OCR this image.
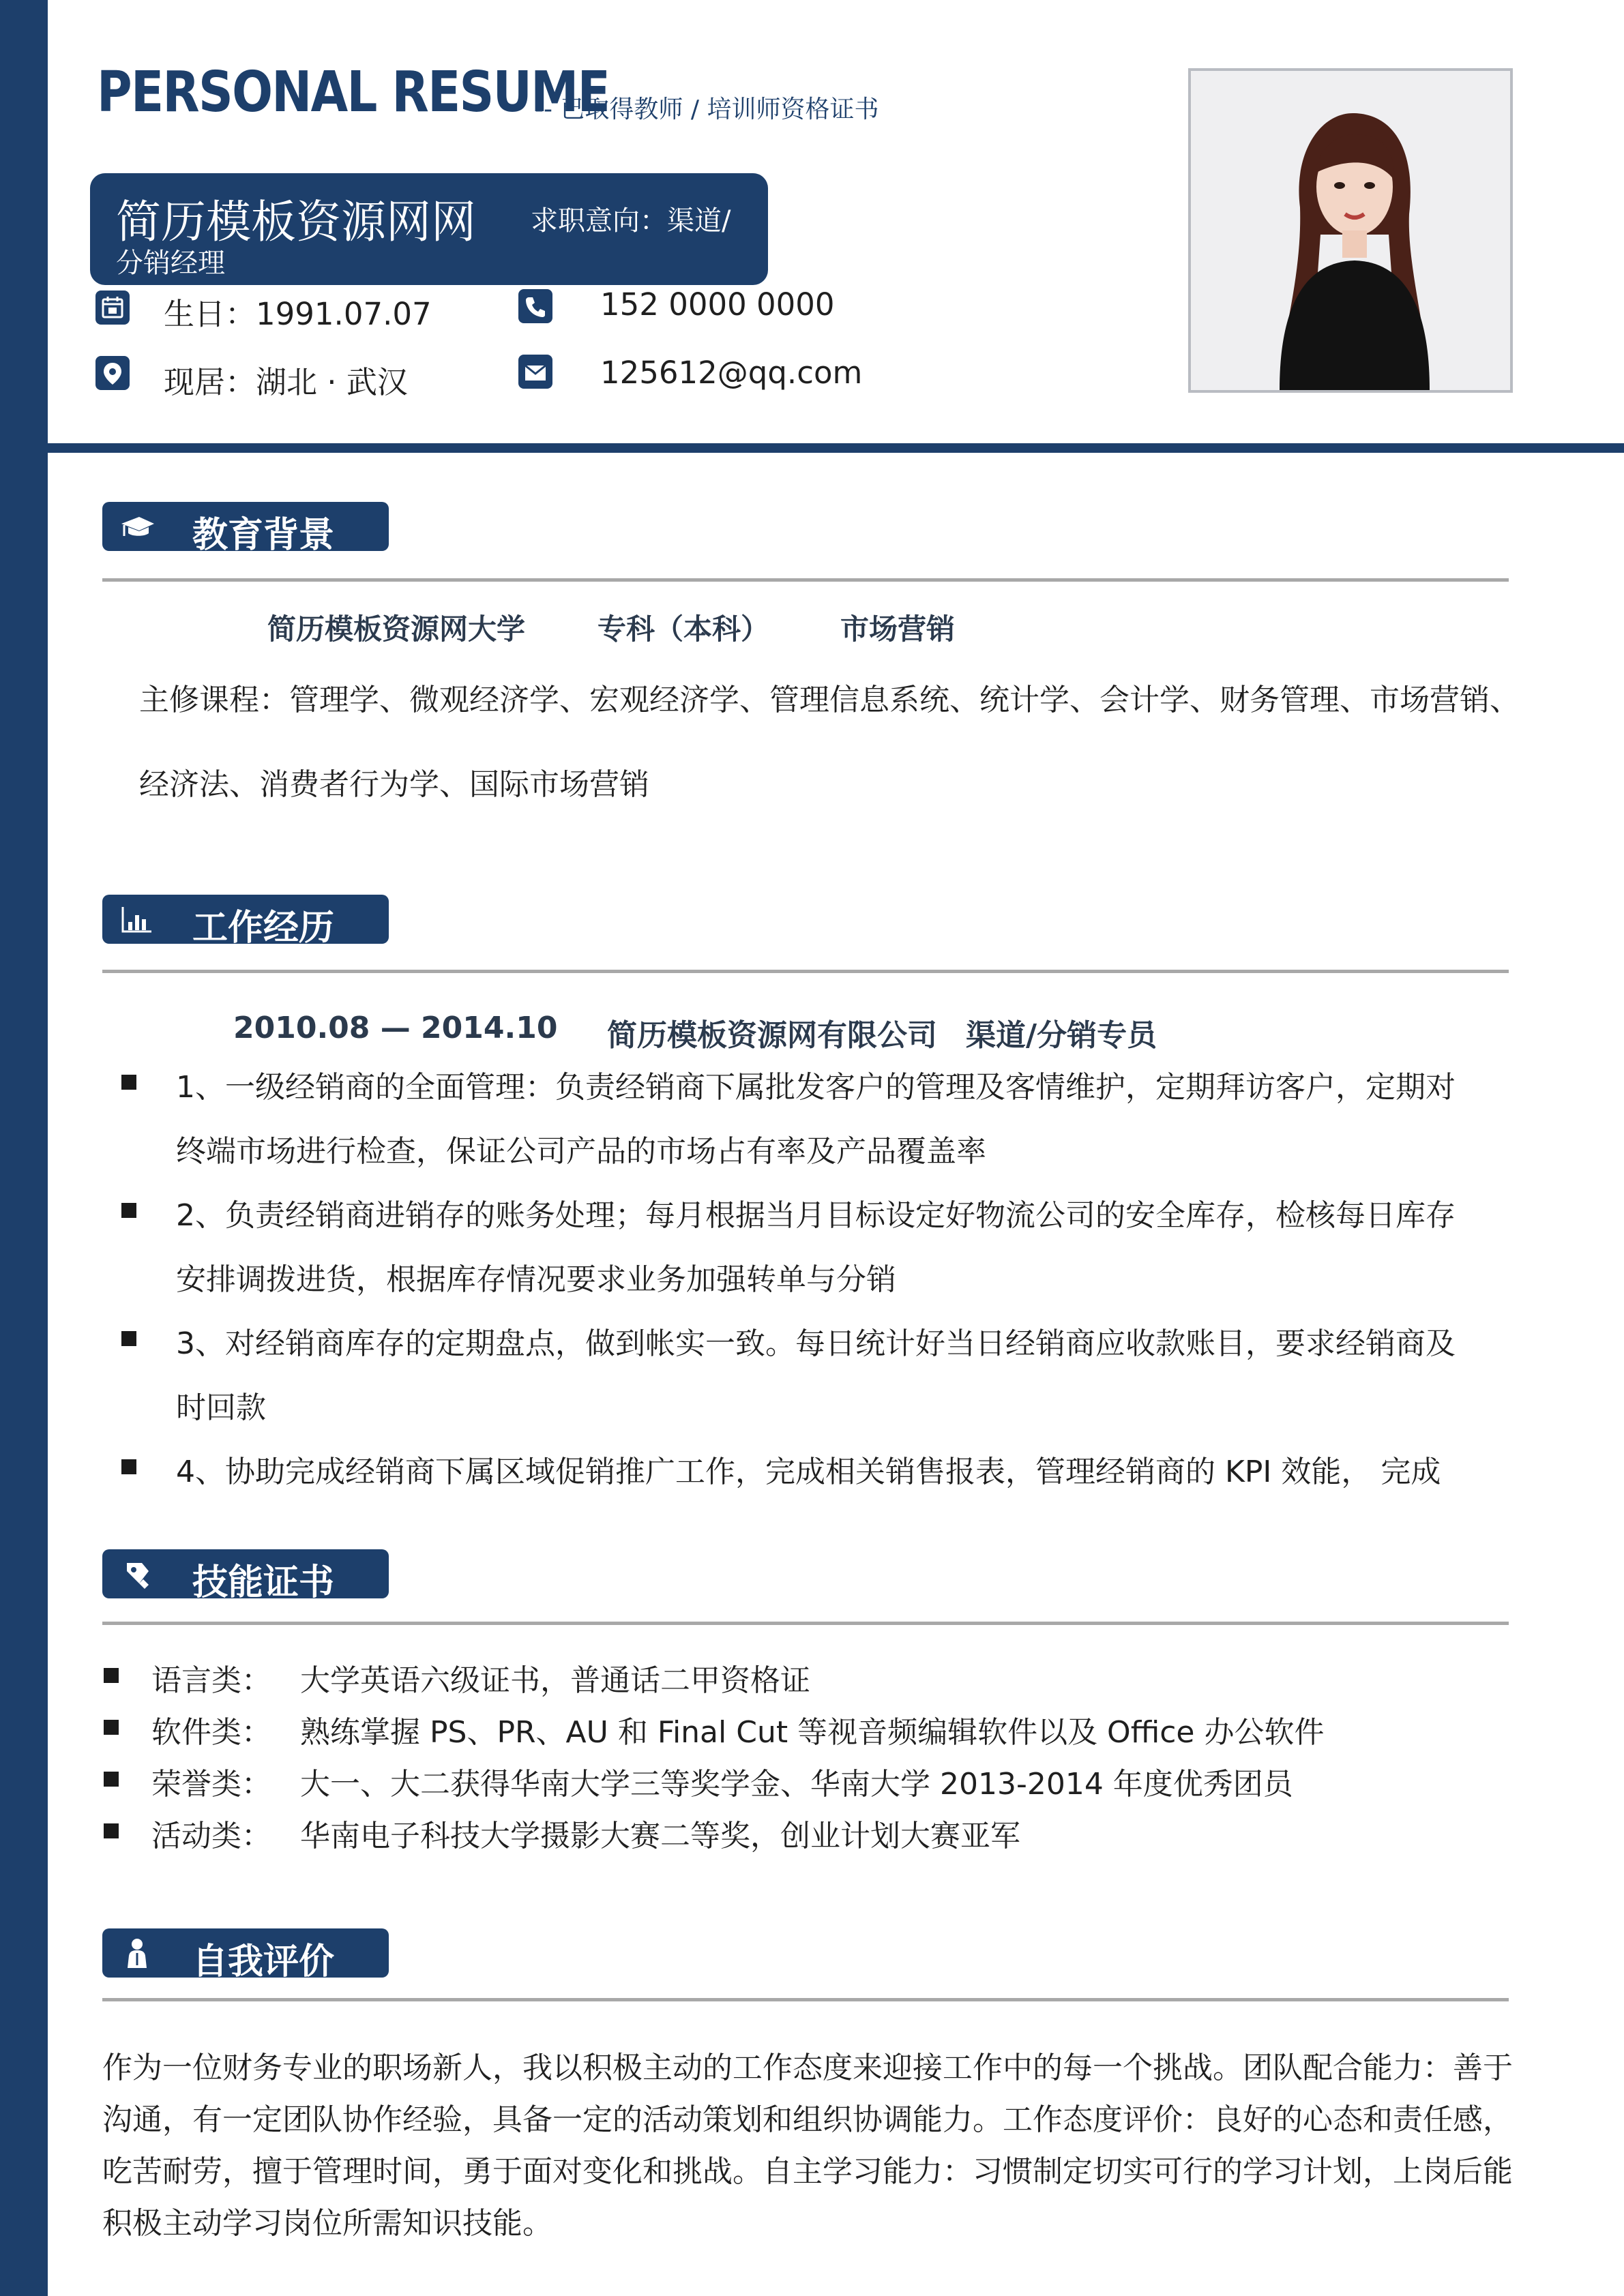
PERSONAL RESUME
-- 已取得教师 / 培训师资格证书
简历模板资源网网 求职意向：渠道/
分销经理
生日：1991.07.07
现居：湖北 · 武汉
152 0000 0000
125612@qq.com
教育背景
简历模板资源网大学	专科（本科） 市场营销
主修课程：管理学、微观经济学、宏观经济学、管理信息系统、统计学、会计学、财务管理、市场营销、
经济法、消费者行为学、国际市场营销
工作经历
2010.08 — 2014.10 简历模板资源网有限公司 渠道/分销专员
1、一级经销商的全面管理：负责经销商下属批发客户的管理及客情维护，定期拜访客户，定期对
终端市场进行检查，保证公司产品的市场占有率及产品覆盖率
2、负责经销商进销存的账务处理；每月根据当月目标设定好物流公司的安全库存，检核每日库存
安排调拨进货，根据库存情况要求业务加强转单与分销
3、对经销商库存的定期盘点，做到帐实一致。每日统计好当日经销商应收款账目，要求经销商及
时回款
4、协助完成经销商下属区域促销推广工作，完成相关销售报表，管理经销商的 KPI 效能， 完成
技能证书
语言类： 大学英语六级证书，普通话二甲资格证
软件类： 熟练掌握 PS、PR、AU 和 Final Cut 等视音频编辑软件以及 Office 办公软件
荣誉类： 大一、大二获得华南大学三等奖学金、华南大学 2013-2014 年度优秀团员
活动类： 华南电子科技大学摄影大赛二等奖，创业计划大赛亚军
自我评价
作为一位财务专业的职场新人，我以积极主动的工作态度来迎接工作中的每一个挑战。团队配合能力：善于
沟通，有一定团队协作经验，具备一定的活动策划和组织协调能力。工作态度评价：良好的心态和责任感，
吃苦耐劳，擅于管理时间，勇于面对变化和挑战。自主学习能力：习惯制定切实可行的学习计划，上岗后能
积极主动学习岗位所需知识技能。
